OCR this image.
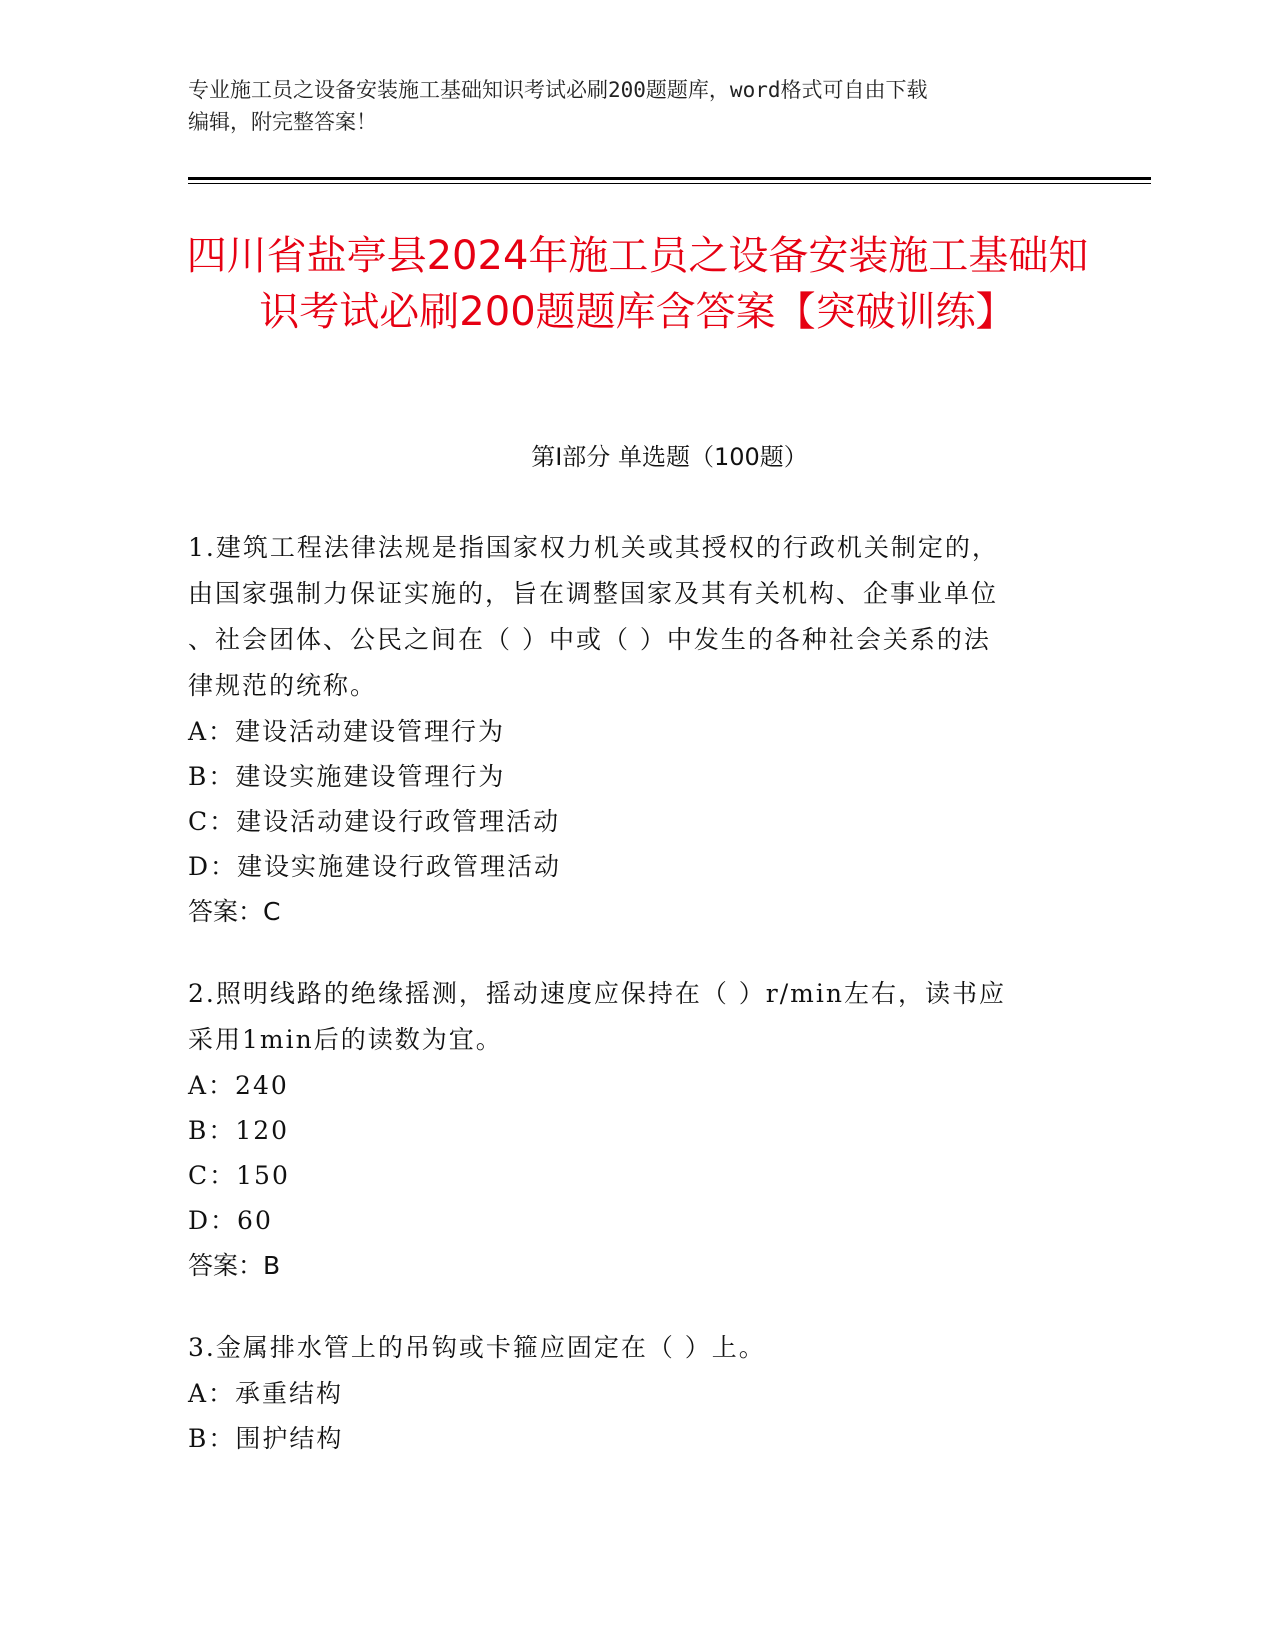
专业施工员之设备安装施工基础知识考试必刷200题题库，word格式可自由下载
编辑，附完整答案！
四川省盐亭县2024年施工员之设备安装施工基础知识考试必刷200题题库含答案【突破训练】
第Ⅰ部分 单选题（100题）

1.建筑工程法律法规是指国家权力机关或其授权的行政机关制定的，

由国家强制力保证实施的，旨在调整国家及其有关机构、企事业单位

、社会团体、公民之间在（ ）中或（ ）中发生的各种社会关系的法

律规范的统称。

A：建设活动建设管理行为

B：建设实施建设管理行为

C：建设活动建设行政管理活动

D：建设实施建设行政管理活动

答案：C

2.照明线路的绝缘摇测，摇动速度应保持在（ ）r/min左右，读书应

采用1min后的读数为宜。

A：240

B：120

C：150

D：60

答案：B

3.金属排水管上的吊钩或卡箍应固定在（ ）上。

A：承重结构

B：围护结构
